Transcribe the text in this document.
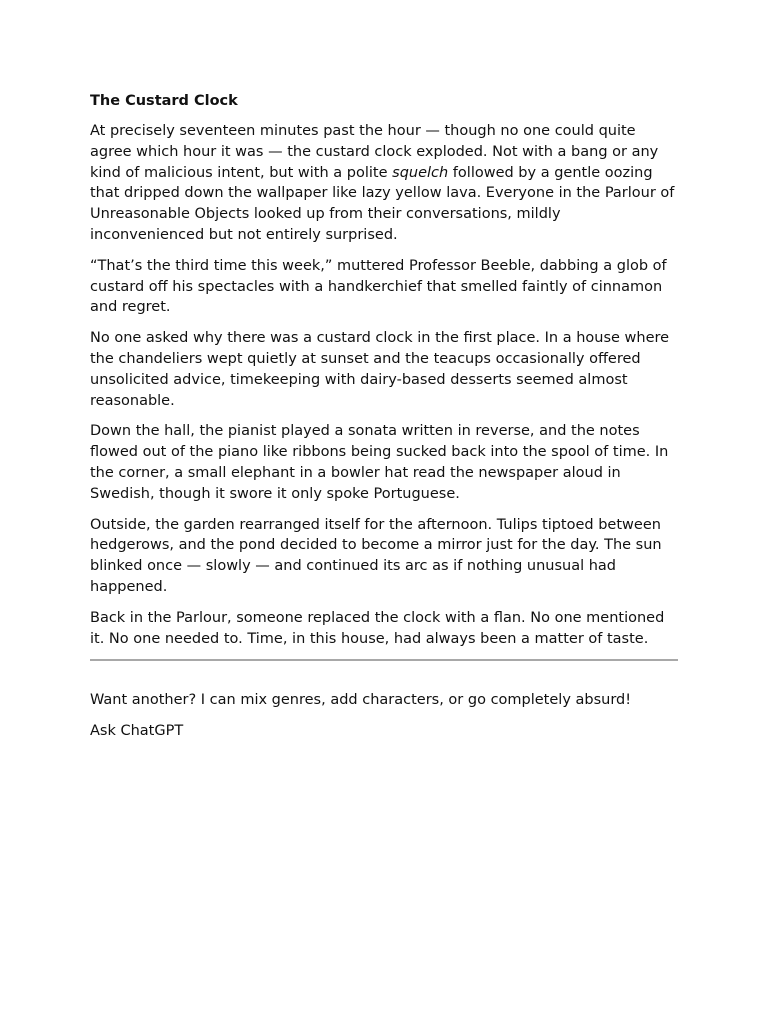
The Custard Clock

At precisely seventeen minutes past the hour — though no one could quite agree which hour it was — the custard clock exploded. Not with a bang or any kind of malicious intent, but with a polite squelch followed by a gentle oozing that dripped down the wallpaper like lazy yellow lava. Everyone in the Parlour of Unreasonable Objects looked up from their conversations, mildly inconvenienced but not entirely surprised.

“That’s the third time this week,” muttered Professor Beeble, dabbing a glob of custard off his spectacles with a handkerchief that smelled faintly of cinnamon and regret.

No one asked why there was a custard clock in the first place. In a house where the chandeliers wept quietly at sunset and the teacups occasionally offered unsolicited advice, timekeeping with dairy-based desserts seemed almost reasonable.

Down the hall, the pianist played a sonata written in reverse, and the notes flowed out of the piano like ribbons being sucked back into the spool of time. In the corner, a small elephant in a bowler hat read the newspaper aloud in Swedish, though it swore it only spoke Portuguese.

Outside, the garden rearranged itself for the afternoon. Tulips tiptoed between hedgerows, and the pond decided to become a mirror just for the day. The sun blinked once — slowly — and continued its arc as if nothing unusual had happened.

Back in the Parlour, someone replaced the clock with a flan. No one mentioned it. No one needed to. Time, in this house, had always been a matter of taste.

Want another? I can mix genres, add characters, or go completely absurd!

Ask ChatGPT
